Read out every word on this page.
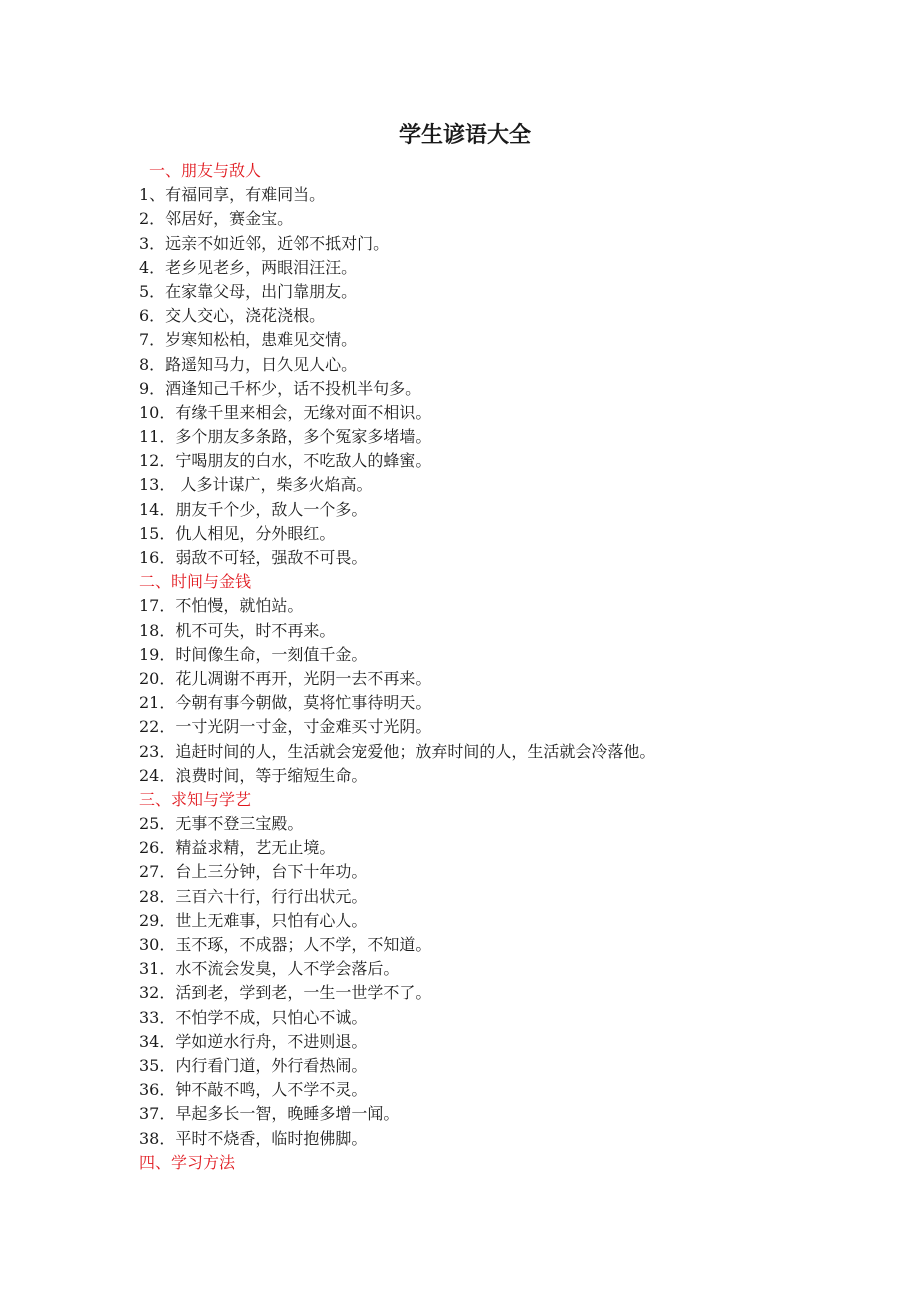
学生谚语大全
一、朋友与敌人
1、有福同享，有难同当。
2．邻居好，赛金宝。
3．远亲不如近邻，近邻不抵对门。
4．老乡见老乡，两眼泪汪汪。
5．在家靠父母，出门靠朋友。
6．交人交心，浇花浇根。
7．岁寒知松柏，患难见交情。
8．路遥知马力，日久见人心。
9．酒逢知己千杯少，话不投机半句多。
10．有缘千里来相会，无缘对面不相识。
11．多个朋友多条路，多个冤家多堵墙。
12．宁喝朋友的白水，不吃敌人的蜂蜜。
13． 人多计谋广，柴多火焰高。
14．朋友千个少，敌人一个多。
15．仇人相见，分外眼红。
16．弱敌不可轻，强敌不可畏。
二、时间与金钱
17．不怕慢，就怕站。
18．机不可失，时不再来。
19．时间像生命，一刻值千金。
20．花儿凋谢不再开，光阴一去不再来。
21．今朝有事今朝做，莫将忙事待明天。
22．一寸光阴一寸金，寸金难买寸光阴。
23．追赶时间的人，生活就会宠爱他；放弃时间的人，生活就会冷落他。
24．浪费时间，等于缩短生命。
三、求知与学艺
25．无事不登三宝殿。
26．精益求精，艺无止境。
27．台上三分钟，台下十年功。
28．三百六十行，行行出状元。
29．世上无难事，只怕有心人。
30．玉不琢，不成器；人不学，不知道。
31．水不流会发臭，人不学会落后。
32．活到老，学到老，一生一世学不了。
33．不怕学不成，只怕心不诚。
34．学如逆水行舟，不进则退。
35．内行看门道，外行看热闹。
36．钟不敲不鸣，人不学不灵。
37．早起多长一智，晚睡多增一闻。
38．平时不烧香，临时抱佛脚。
四、学习方法
